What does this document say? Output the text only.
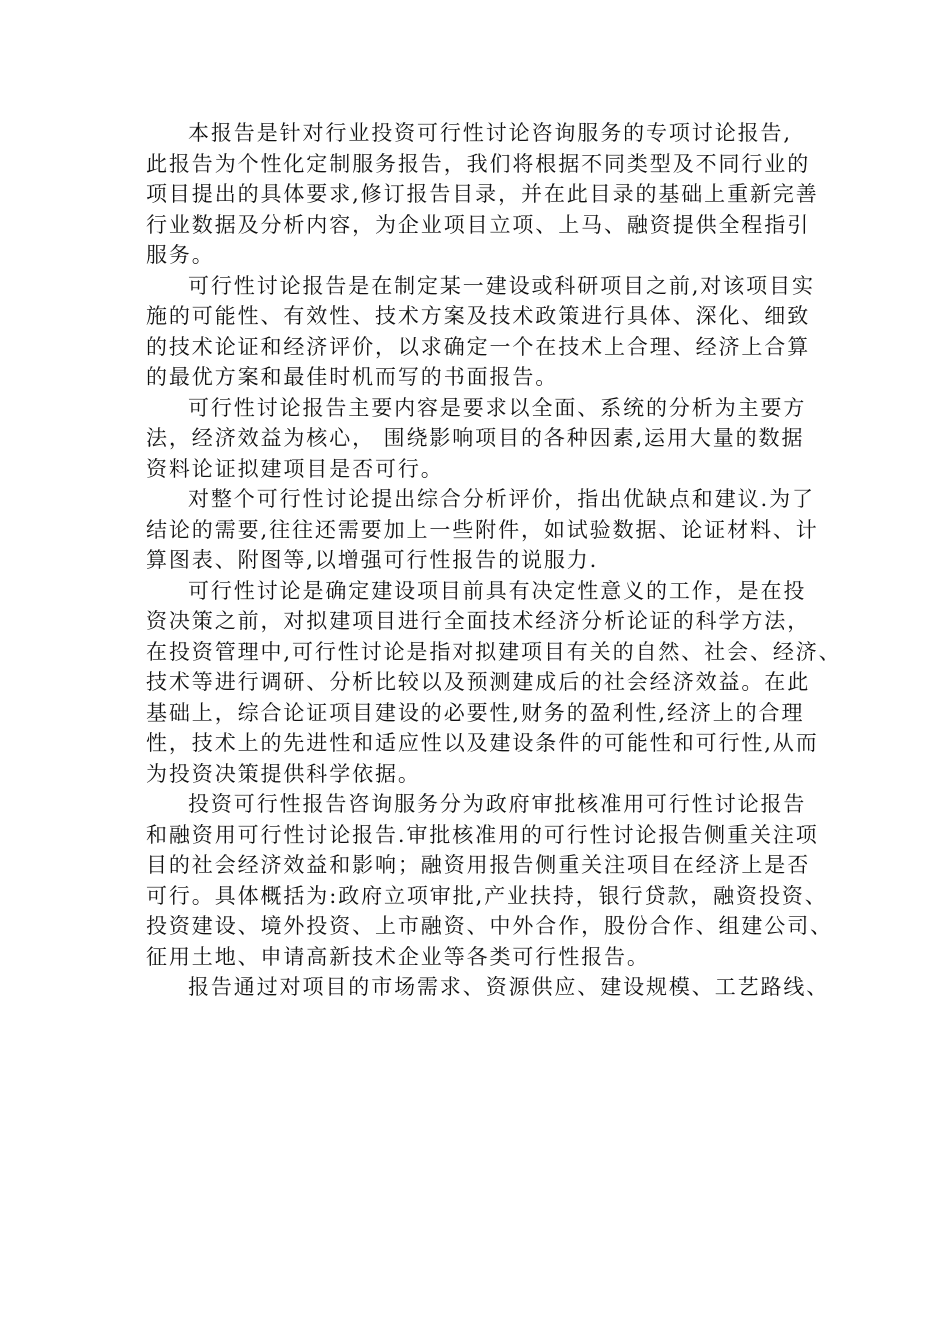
本报告是针对行业投资可行性讨论咨询服务的专项讨论报告,
此报告为个性化定制服务报告，我们将根据不同类型及不同行业的
项目提出的具体要求,修订报告目录，并在此目录的基础上重新完善
行业数据及分析内容，为企业项目立项、上马、融资提供全程指引
服务。

可行性讨论报告是在制定某一建设或科研项目之前,对该项目实
施的可能性、有效性、技术方案及技术政策进行具体、深化、细致
的技术论证和经济评价，以求确定一个在技术上合理、经济上合算
的最优方案和最佳时机而写的书面报告。

可行性讨论报告主要内容是要求以全面、系统的分析为主要方
法，经济效益为核心， 围绕影响项目的各种因素,运用大量的数据
资料论证拟建项目是否可行。

对整个可行性讨论提出综合分析评价，指出优缺点和建议.为了
结论的需要,往往还需要加上一些附件，如试验数据、论证材料、计
算图表、附图等,以增强可行性报告的说服力.

可行性讨论是确定建设项目前具有决定性意义的工作，是在投
资决策之前，对拟建项目进行全面技术经济分析论证的科学方法，
在投资管理中,可行性讨论是指对拟建项目有关的自然、社会、经济、
技术等进行调研、分析比较以及预测建成后的社会经济效益。在此
基础上，综合论证项目建设的必要性,财务的盈利性,经济上的合理
性，技术上的先进性和适应性以及建设条件的可能性和可行性,从而
为投资决策提供科学依据。

投资可行性报告咨询服务分为政府审批核准用可行性讨论报告
和融资用可行性讨论报告.审批核准用的可行性讨论报告侧重关注项
目的社会经济效益和影响；融资用报告侧重关注项目在经济上是否
可行。具体概括为:政府立项审批,产业扶持，银行贷款，融资投资、
投资建设、境外投资、上市融资、中外合作，股份合作、组建公司、
征用土地、申请高新技术企业等各类可行性报告。

报告通过对项目的市场需求、资源供应、建设规模、工艺路线、
